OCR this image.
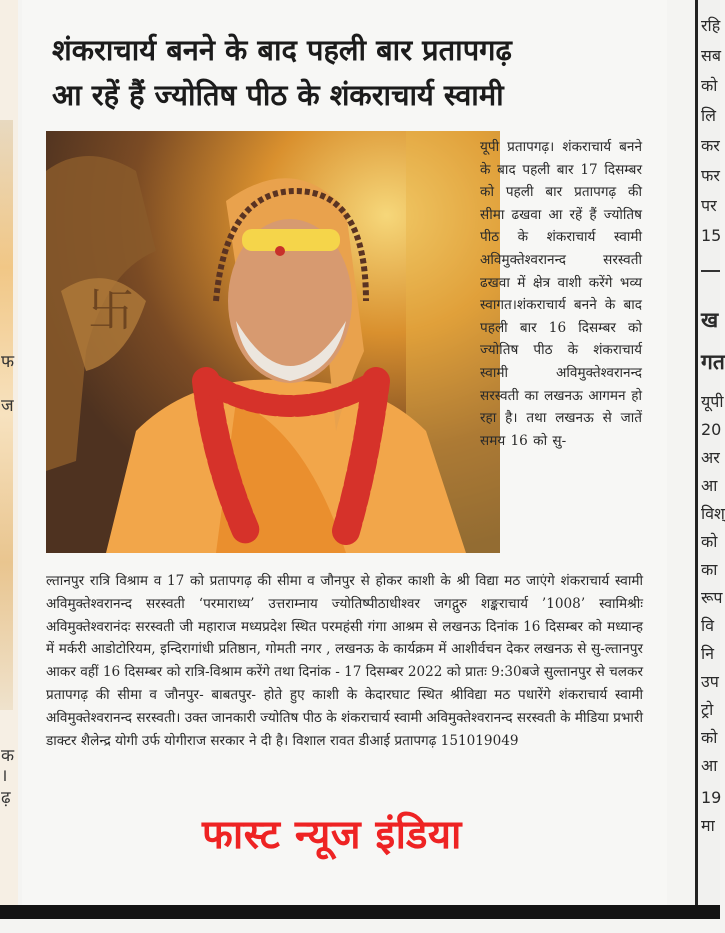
फ
ज
क
।
ढ़
शंकराचार्य बनने के बाद पहली बार प्रतापगढ़
आ रहें हैं ज्योतिष पीठ के शंकराचार्य स्वामी
卐

यूपी प्रतापगढ़। शंकराचार्य बनने के बाद पहली बार 17 दिसम्बर को पहली बार प्रतापगढ़ की सीमा ढखवा आ रहें हैं ज्योतिष पीठ के शंकराचार्य स्वामी अविमुक्तेश्वरानन्द सरस्वती ढखवा में क्षेत्र वाशी करेंगे भव्य स्वागत।शंकराचार्य बनने के बाद पहली बार 16 दिसम्बर को ज्योतिष पीठ के शंकराचार्य स्वामी अविमुक्तेश्वरानन्द सरस्वती का लखनऊ आगमन हो रहा है। तथा लखनऊ से जातें समय 16 को सु-

ल्तानपुर रात्रि विश्राम व 17 को प्रतापगढ़ की सीमा व जौनपुर से होकर काशी के श्री विद्या मठ जाएंगे शंकराचार्य स्वामी अविमुक्तेश्वरानन्द सरस्वती ‘परमाराध्य’ उत्तराम्नाय ज्योतिष्पीठाधीश्वर जगद्गुरु शङ्कराचार्य ’1008’ स्वामिश्रीः अविमुक्तेश्वरानंदः सरस्वती जी महाराज मध्यप्रदेश स्थित परमहंसी गंगा आश्रम से लखनऊ दिनांक 16 दिसम्बर को मध्यान्ह में मर्करी आडोटोरियम, इन्दिरागांधी प्रतिष्ठान, गोमती नगर , लखनऊ के कार्यक्रम में आशीर्वचन देकर लखनऊ से सु-ल्तानपुर आकर वहीं 16 दिसम्बर को रात्रि-विश्राम करेंगे तथा दिनांक - 17 दिसम्बर 2022 को प्रातः 9:30बजे सुल्तानपुर से चलकर प्रतापगढ़ की सीमा व जौनपुर- बाबतपुर- होते हुए काशी के केदारघाट स्थित श्रीविद्या मठ पधारेंगे शंकराचार्य स्वामी अविमुक्तेश्वरानन्द सरस्वती। उक्त जानकारी ज्योतिष पीठ के शंकराचार्य स्वामी अविमुक्तेश्वरानन्द सरस्वती के मीडिया प्रभारी डाक्टर शैलेन्द्र योगी उर्फ योगीराज सरकार ने दी है। विशाल रावत डीआई प्रतापगढ़ 151019049

फास्ट न्यूज इंडिया
रहि
सब
को
लि
कर
फर
पर
15
ख
गत
यूपी
20
अर
आ
विश्
को
का
रूप
वि
नि
उप
ट्रो
को
आ
19
मा
